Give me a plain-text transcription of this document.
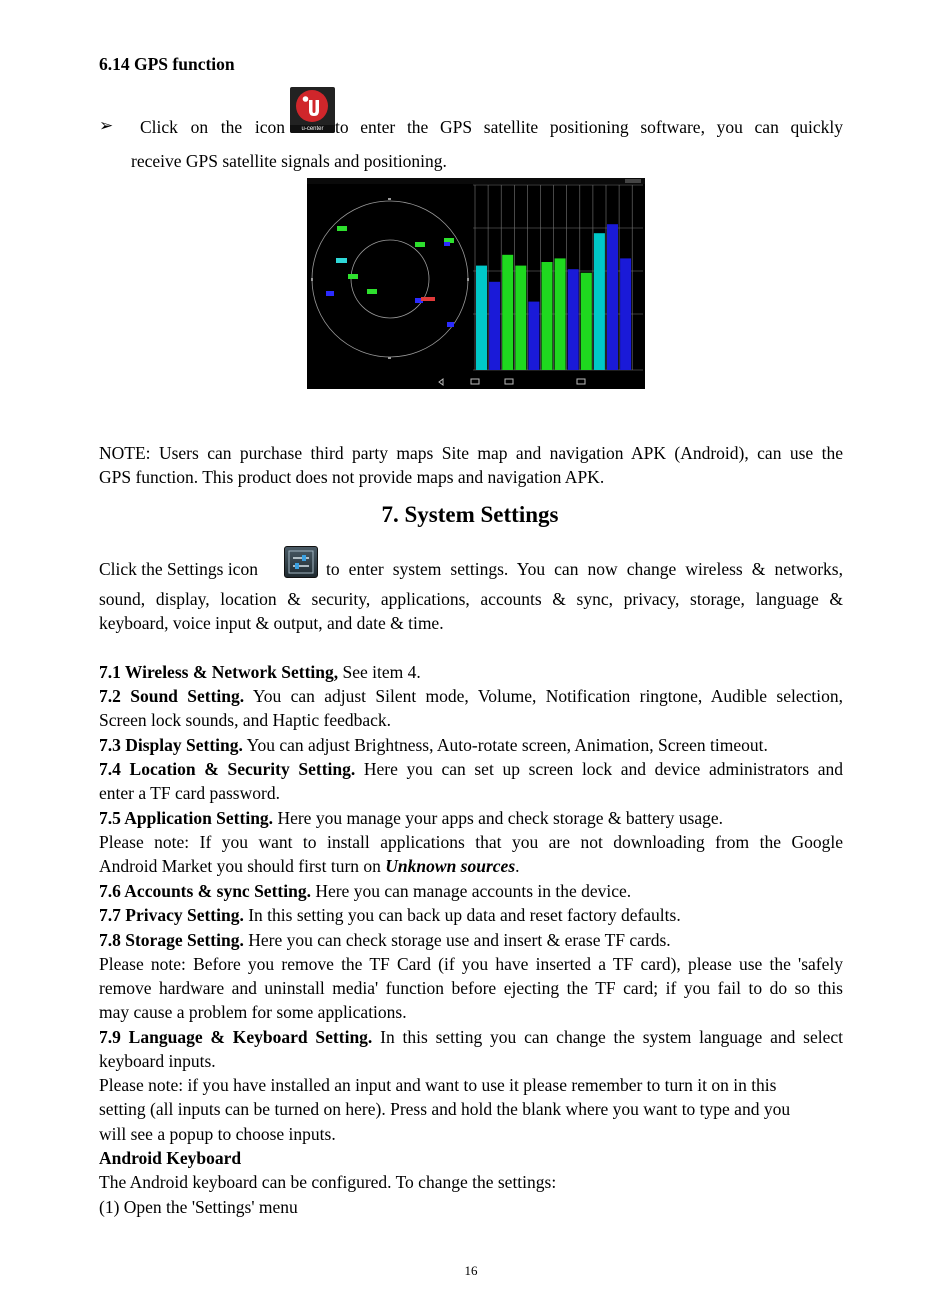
6.14 GPS function
➢ Click on the icon	u-center to enter the GPS satellite positioning software, you can quickly
receive GPS satellite signals and positioning.
NOTE: Users can purchase third party maps Site map and navigation APK (Android), can use the
GPS function. This product does not provide maps and navigation APK.
7. System Settings
Click the Settings icon	to enter system settings. You can now change wireless & networks,
sound, display, location & security, applications, accounts & sync, privacy, storage, language &
keyboard, voice input & output, and date & time.
7.1 Wireless & Network Setting, See item 4.
7.2 Sound Setting. You can adjust Silent mode, Volume, Notification ringtone, Audible selection,
Screen lock sounds, and Haptic feedback.
7.3 Display Setting. You can adjust Brightness, Auto-rotate screen, Animation, Screen timeout.
7.4 Location & Security Setting. Here you can set up screen lock and device administrators and
enter a TF card password.
7.5 Application Setting. Here you manage your apps and check storage & battery usage.
Please note: If you want to install applications that you are not downloading from the Google
Android Market you should first turn on Unknown sources.
7.6 Accounts & sync Setting. Here you can manage accounts in the device.
7.7 Privacy Setting. In this setting you can back up data and reset factory defaults.
7.8 Storage Setting. Here you can check storage use and insert & erase TF cards.
Please note: Before you remove the TF Card (if you have inserted a TF card), please use the 'safely
remove hardware and uninstall media' function before ejecting the TF card; if you fail to do so this
may cause a problem for some applications.
7.9 Language & Keyboard Setting. In this setting you can change the system language and select
keyboard inputs.
Please note: if you have installed an input and want to use it please remember to turn it on in this
setting (all inputs can be turned on here). Press and hold the blank where you want to type and you
will see a popup to choose inputs.
Android Keyboard
The Android keyboard can be configured. To change the settings:
(1) Open the 'Settings' menu
16
